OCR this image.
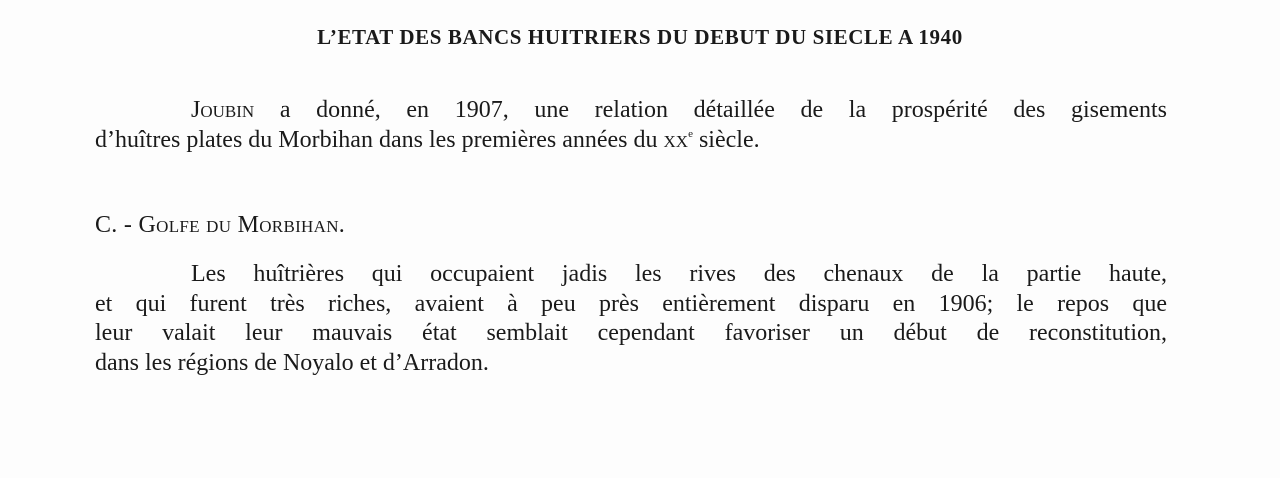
L’ETAT DES BANCS HUITRIERS DU DEBUT DU SIECLE A 1940

Joubin a donné, en 1907, une relation détaillée de la prospérité des gisements
d’huîtres plates du Morbihan dans les premières années du $xx^e$ siècle.

C. - Golfe du Morbihan.

Les huîtrières qui occupaient jadis les rives des chenaux de la partie haute,
et qui furent très riches, avaient à peu près entièrement disparu en 1906; le repos que
leur valait leur mauvais état semblait cependant favoriser un début de reconstitution,
dans les régions de Noyalo et d’Arradon.
